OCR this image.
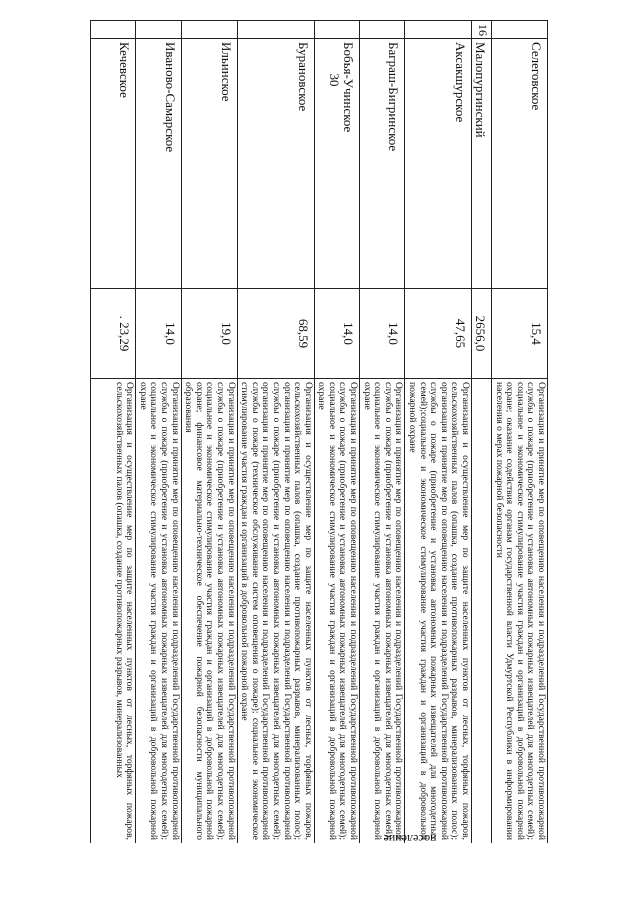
30
		Селеговское	15,4	Организация и принятие мер по оповещению населения и подразделений Государственной противопожарной службы о пожаре (приобретение и установка автономных пожарных извещателей для многодетных семей); социальное и экономическое стимулирование участия граждан и организаций в добровольной пожарной охране; оказание содействия органам государственной власти Удмуртской Республики в информировании населения о мерах пожарной безопасности
16	Малопургинский	2656,0	
	Аксакшурское	47,65	Организация и осуществление мер по защите населенных пунктов от лесных, торфяных пожаров, сельскохозяйственных палов (опашка, создание противопожарных разрывов, минерализованных полос); организация и принятие мер по оповещению населения и подразделений Государственной противопожарной службы о пожаре (приобретение и установка автономных пожарных извещателей для многодетных семей);социальное и экономическое стимулирование участия граждан и организаций в добровольной пожарной охране
	Баграш-Бигринское	14,0	Организация и принятие мер по оповещению населения и подразделений Государственной противопожарной службы о пожаре (приобретение и установка автономных пожарных извещателей для многодетных семей); социальное и экономическое стимулирование участия граждан и организаций в добровольной пожарной охране
	Бобья-Учинское	14,0	Организация и принятие мер по оповещению населения и подразделений Государственной противопожарной службы о пожаре (приобретение и установка автономных пожарных извещателей для многодетных семей); социальное и экономическое стимулирование участия граждан и организаций в добровольной пожарной охране
	Бурановское	68,59	Организация и осуществление мер по защите населенных пунктов от лесных, торфяных пожаров, сельскохозяйственных палов (опашка, создание противопожарных разрывов, минерализованных полос); организация и принятие мер по оповещению населения и подразделений Государственной противопожарной службы о пожаре (приобретение и установка автономных пожарных извещателей для многодетных семей); организация и принятие мер по оповещению населения и подразделений Государственной противопожарной службы о пожаре (техническое обслуживание систем оповещения о пожаре); социальное и экономическое стимулирование участия граждан и организаций в добровольной пожарной охране
	Ильинское	19,0	Организация и принятие мер по оповещению населения и подразделений Государственной противопожарной службы о пожаре (приобретение и установка автономных пожарных извещателей для многодетных семей); социальное и экономическое стимулирование участия граждан и организаций в добровольной пожарной охране; финансовое материально-техническое обеспечение пожарной безопасности муниципального образования
	Иваново-Самарское	14,0	Организация и принятие мер по оповещению населения и подразделений Государственной противопожарной службы о пожаре (приобретение и установка автономных пожарных извещателей для многодетных семей); социальное и экономическое стимулирование участия граждан и организаций в добровольной пожарной охране
	Кечевское	. 23,29	Организация и осуществление мер по защите населенных пунктов от лесных, торфяных пожаров, сельскохозяйственных палов (опашка, создание противопожарных разрывов, минерализованных
поселение
